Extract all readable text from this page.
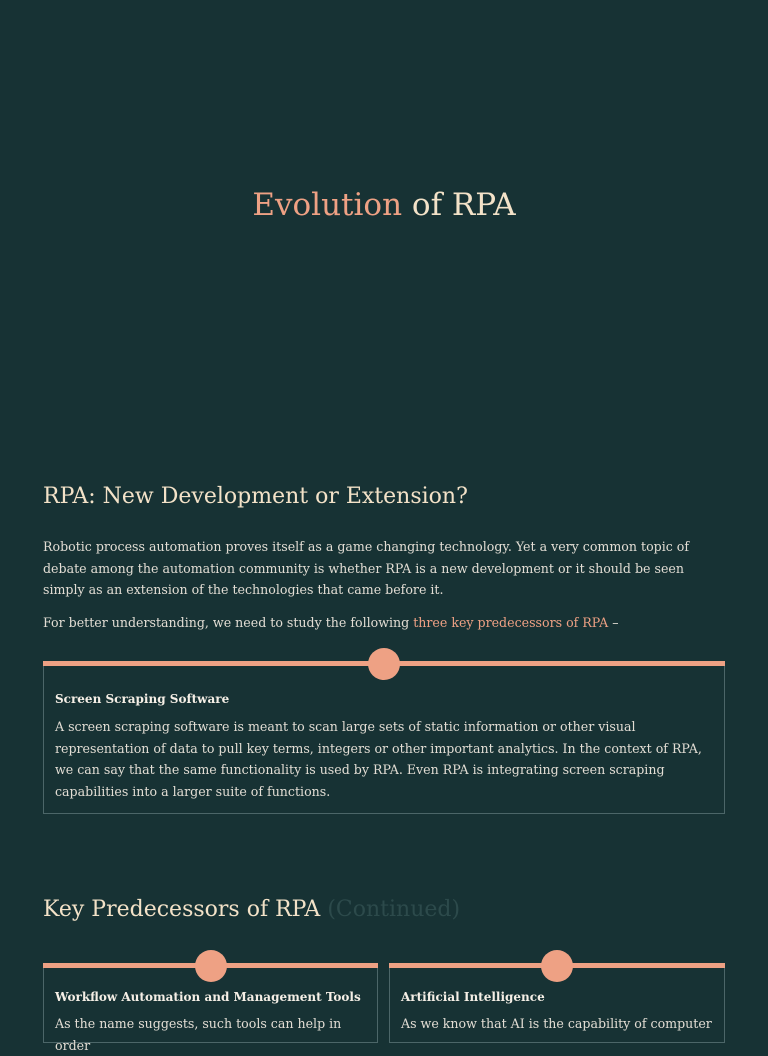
Evolution of RPA
RPA: New Development or Extension?
Robotic process automation proves itself as a game changing technology. Yet a very common topic of debate among the automation community is whether RPA is a new development or it should be seen simply as an extension of the technologies that came before it.
For better understanding, we need to study the following three key predecessors of RPA –
Screen Scraping Software
A screen scraping software is meant to scan large sets of static information or other visual representation of data to pull key terms, integers or other important analytics. In the context of RPA, we can say that the same functionality is used by RPA. Even RPA is integrating screen scraping capabilities into a larger suite of functions.
Key Predecessors of RPA (Continued)
Workflow Automation and Management Tools
As the name suggests, such tools can help in order
Artificial Intelligence
As we know that AI is the capability of computer
